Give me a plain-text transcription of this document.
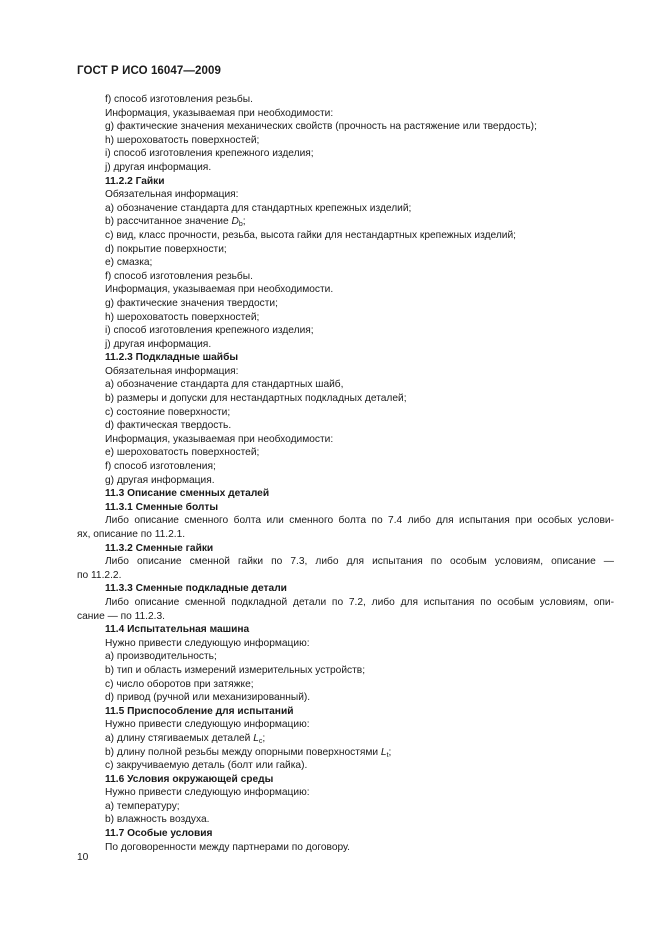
ГОСТ Р ИСО 16047—2009
f) способ изготовления резьбы.
Информация, указываемая при необходимости:
g) фактические значения механических свойств (прочность на растяжение или твердость);
h) шероховатость поверхностей;
i) способ изготовления крепежного изделия;
j) другая информация.
11.2.2 Гайки
Обязательная информация:
a) обозначение стандарта для стандартных крепежных изделий;
b) рассчитанное значение $D_b$;
c) вид, класс прочности, резьба, высота гайки для нестандартных крепежных изделий;
d) покрытие поверхности;
e) смазка;
f) способ изготовления резьбы.
Информация, указываемая при необходимости.
g) фактические значения твердости;
h) шероховатость поверхностей;
i) способ изготовления крепежного изделия;
j) другая информация.
11.2.3 Подкладные шайбы
Обязательная информация:
a) обозначение стандарта для стандартных шайб,
b) размеры и допуски для нестандартных подкладных деталей;
c) состояние поверхности;
d) фактическая твердость.
Информация, указываемая при необходимости:
e) шероховатость поверхностей;
f) способ изготовления;
g) другая информация.
11.3 Описание сменных деталей
11.3.1 Сменные болты
Либо описание сменного болта или сменного болта по 7.4 либо для испытания при особых услови-
ях, описание по 11.2.1.
11.3.2 Сменные гайки
Либо описание сменной гайки по 7.3, либо для испытания по особым условиям, описание —
по 11.2.2.
11.3.3 Сменные подкладные детали
Либо описание сменной подкладной детали по 7.2, либо для испытания по особым условиям, опи-
сание — по 11.2.3.
11.4 Испытательная машина
Нужно привести следующую информацию:
a) производительность;
b) тип и область измерений измерительных устройств;
c) число оборотов при затяжке;
d) привод (ручной или механизированный).
11.5 Приспособление для испытаний
Нужно привести следующую информацию:
a) длину стягиваемых деталей $L_c$;
b) длину полной резьбы между опорными поверхностями $L_t$;
c) закручиваемую деталь (болт или гайка).
11.6 Условия окружающей среды
Нужно привести следующую информацию:
a) температуру;
b) влажность воздуха.
11.7 Особые условия
По договоренности между партнерами по договору.
10
